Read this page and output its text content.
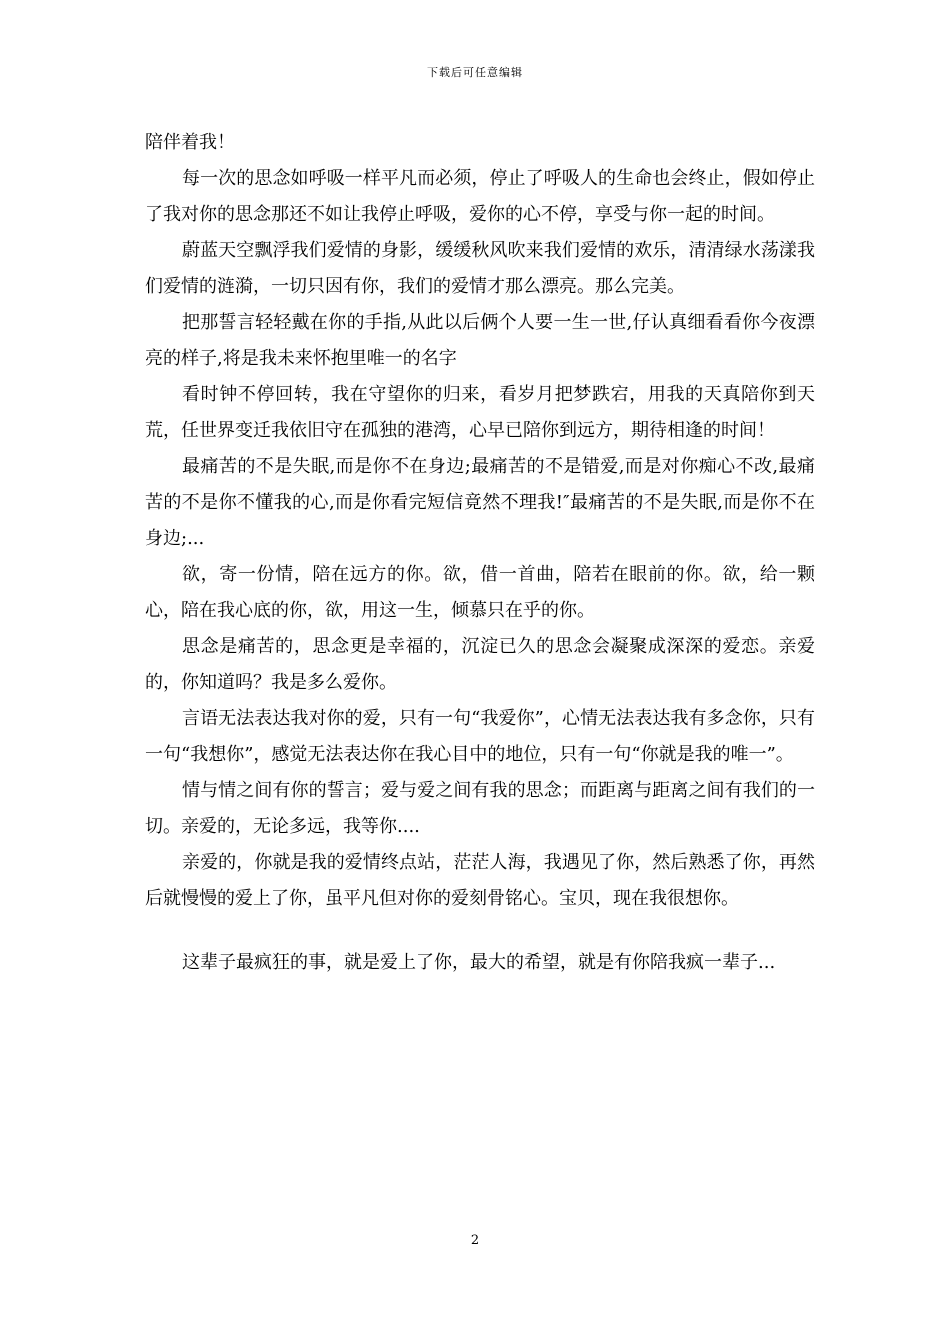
下载后可任意编辑

陪伴着我！

每一次的思念如呼吸一样平凡而必须，停止了呼吸人的生命也会终止，假如停止了我对你的思念那还不如让我停止呼吸，爱你的心不停，享受与你一起的时间。

蔚蓝天空飘浮我们爱情的身影，缓缓秋风吹来我们爱情的欢乐，清清绿水荡漾我们爱情的涟漪，一切只因有你，我们的爱情才那么漂亮。那么完美。

把那誓言轻轻戴在你的手指,从此以后俩个人要一生一世,仔认真细看看你今夜漂亮的样子,将是我未来怀抱里唯一的名字

看时钟不停回转，我在守望你的归来，看岁月把梦跌宕，用我的天真陪你到天荒，任世界变迁我依旧守在孤独的港湾，心早已陪你到远方，期待相逢的时间！

最痛苦的不是失眠,而是你不在身边;最痛苦的不是错爱,而是对你痴心不改,最痛苦的不是你不懂我的心,而是你看完短信竟然不理我!″最痛苦的不是失眠,而是你不在身边;...

欲，寄一份情，陪在远方的你。欲，借一首曲，陪若在眼前的你。欲，给一颗心，陪在我心底的你，欲，用这一生，倾慕只在乎的你。

思念是痛苦的，思念更是幸福的，沉淀已久的思念会凝聚成深深的爱恋。亲爱的，你知道吗？我是多么爱你。

言语无法表达我对你的爱，只有一句“我爱你”，心情无法表达我有多念你，只有一句“我想你”，感觉无法表达你在我心目中的地位，只有一句“你就是我的唯一”。

情与情之间有你的誓言；爱与爱之间有我的思念；而距离与距离之间有我们的一切。亲爱的，无论多远，我等你....

亲爱的，你就是我的爱情终点站，茫茫人海，我遇见了你，然后熟悉了你，再然后就慢慢的爱上了你，虽平凡但对你的爱刻骨铭心。宝贝，现在我很想你。

这辈子最疯狂的事，就是爱上了你，最大的希望，就是有你陪我疯一辈子...

2
